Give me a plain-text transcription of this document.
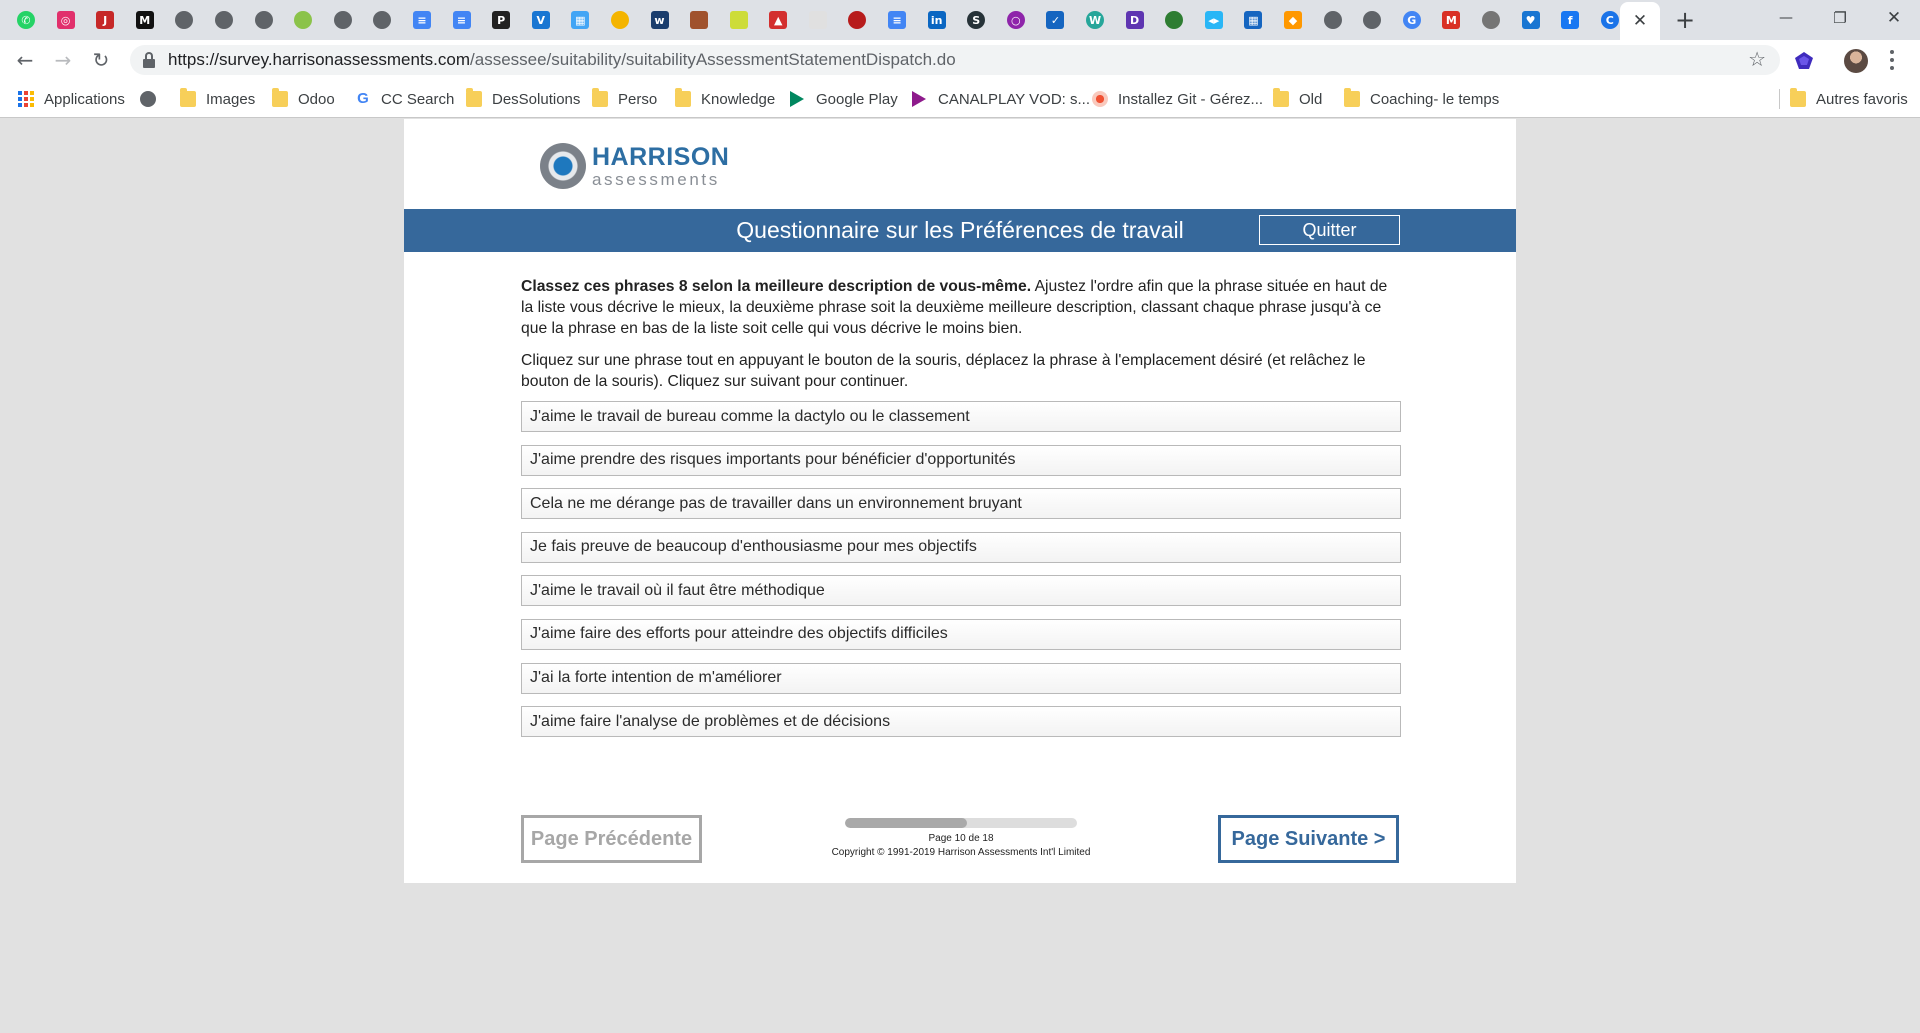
✆	◎	J	M	≡	≡	P	V	▦	w	▲	≡	in	S	○	✓	W	D	◂▸	▦	◆	G	M	♥	f	C ✕ +	—	❐	✕
←	→	↻	https://survey.harrisonassessments.com/assessee/suitability/suitabilityAssessmentStatementDispatch.do	☆
Applications	Images	Odoo G CC Search	DesSolutions	Perso	Knowledge	Google Play	CANALPLAY VOD: s... Installez Git - Gérez... Old	Coaching- le temps	Autres favoris
HARRISON
assessments
Questionnaire sur les Préférences de travail	Quitter

Classez ces phrases 8 selon la meilleure description de vous-même. Ajustez l'ordre afin que la phrase située en haut de la liste vous décrive le mieux, la deuxième phrase soit la deuxième meilleure description, classant chaque phrase jusqu'à ce que la phrase en bas de la liste soit celle qui vous décrive le moins bien.

Cliquez sur une phrase tout en appuyant le bouton de la souris, déplacez la phrase à l'emplacement désiré (et relâchez le bouton de la souris). Cliquez sur suivant pour continuer.

J'aime le travail de bureau comme la dactylo ou le classement
J'aime prendre des risques importants pour bénéficier d'opportunités
Cela ne me dérange pas de travailler dans un environnement bruyant
Je fais preuve de beaucoup d'enthousiasme pour mes objectifs
J'aime le travail où il faut être méthodique
J'aime faire des efforts pour atteindre des objectifs difficiles
J'ai la forte intention de m'améliorer
J'aime faire l'analyse de problèmes et de décisions
Page Précédente	Page 10 de 18
Copyright © 1991-2019 Harrison Assessments Int'l Limited
Page Suivante >
